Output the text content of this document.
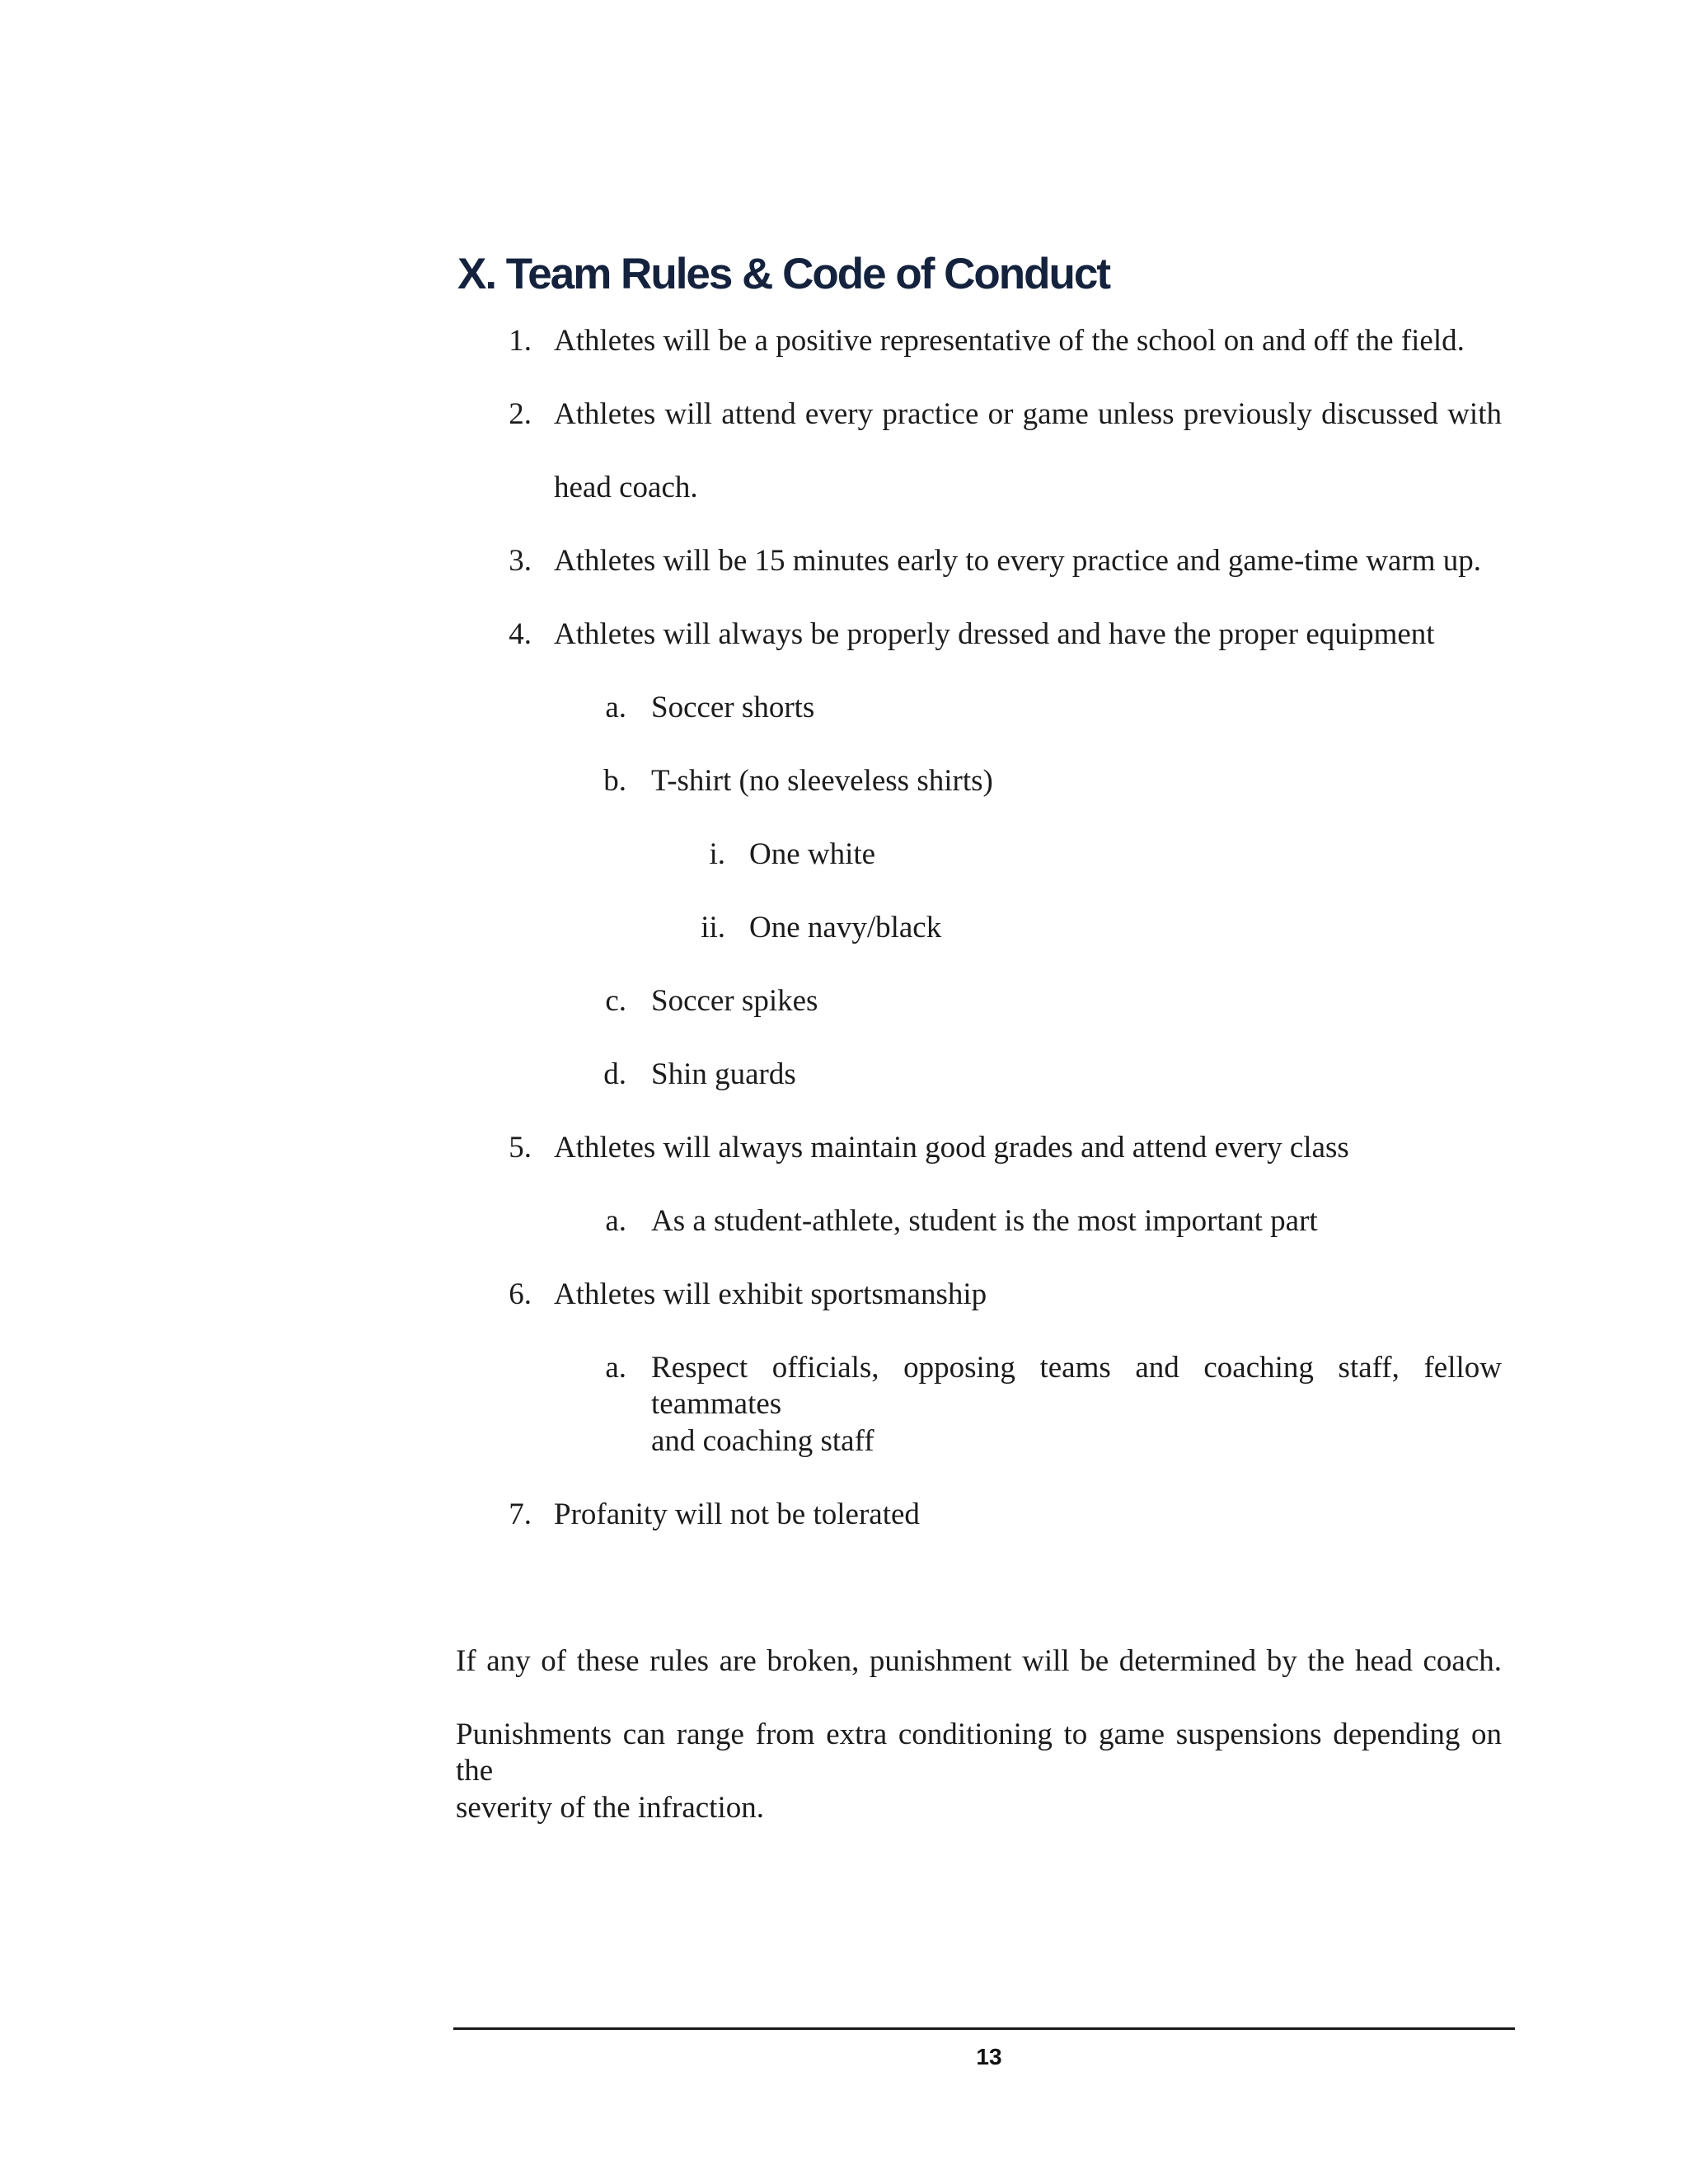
X. Team Rules & Code of Conduct
1. Athletes will be a positive representative of the school on and off the field.
2. Athletes will attend every practice or game unless previously discussed with
head coach.
3. Athletes will be 15 minutes early to every practice and game-time warm up.
4. Athletes will always be properly dressed and have the proper equipment
a. Soccer shorts
b. T-shirt (no sleeveless shirts)
i. One white
ii. One navy/black
c. Soccer spikes
d. Shin guards
5. Athletes will always maintain good grades and attend every class
a. As a student-athlete, student is the most important part
6. Athletes will exhibit sportsmanship
a. Respect officials, opposing teams and coaching staff, fellow teammates
and coaching staff
7. Profanity will not be tolerated
If any of these rules are broken, punishment will be determined by the head coach.
Punishments can range from extra conditioning to game suspensions depending on the
severity of the infraction.
13
